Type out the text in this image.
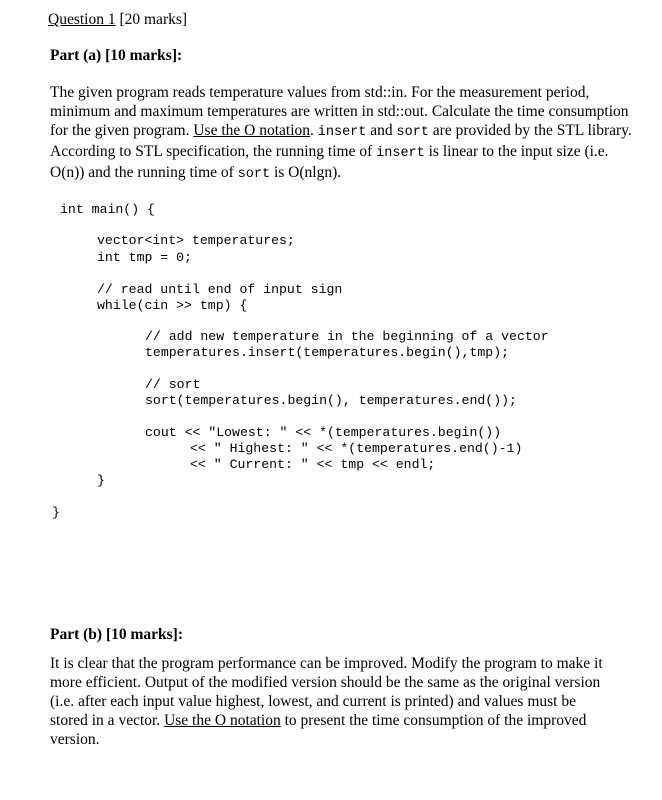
Question 1 [20 marks]
Part (a) [10 marks]:
The given program reads temperature values from std::in. For the measurement period,
minimum and maximum temperatures are written in std::out. Calculate the time consumption
for the given program. Use the O notation. insert and sort are provided by the STL library.
According to STL specification, the running time of insert is linear to the input size (i.e.
O(n)) and the running time of sort is O(nlgn).
int main() {
vector<int> temperatures;
int tmp = 0;
// read until end of input sign
while(cin >> tmp) {
// add new temperature in the beginning of a vector
temperatures.insert(temperatures.begin(),tmp);
// sort
sort(temperatures.begin(), temperatures.end());
cout << "Lowest: " << *(temperatures.begin())
<< " Highest: " << *(temperatures.end()-1)
<< " Current: " << tmp << endl;
}
}
Part (b) [10 marks]:
It is clear that the program performance can be improved. Modify the program to make it
more efficient. Output of the modified version should be the same as the original version
(i.e. after each input value highest, lowest, and current is printed) and values must be
stored in a vector. Use the O notation to present the time consumption of the improved
version.
